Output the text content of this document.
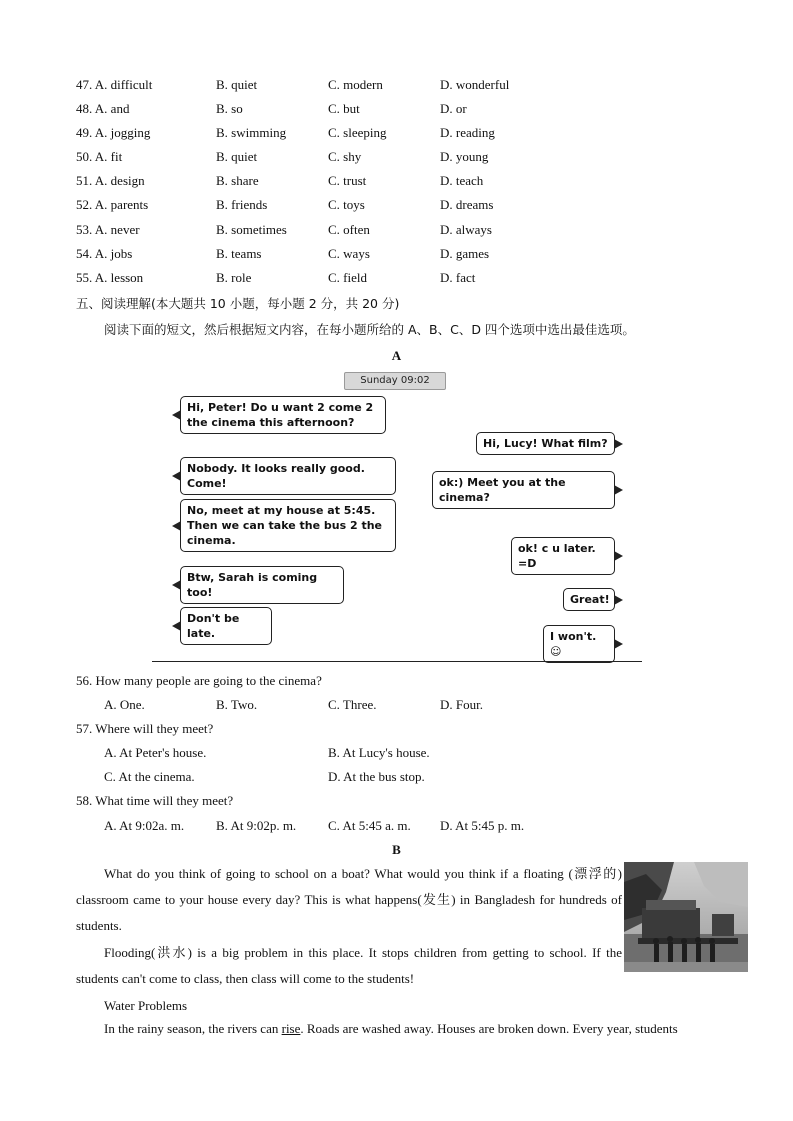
47. A. difficult	B. quiet	C. modern	D. wonderful
48. A. and	B. so	C. but	D. or
49. A. jogging	B. swimming	C. sleeping	D. reading
50. A. fit	B. quiet	C. shy	D. young
51. A. design	B. share	C. trust	D. teach
52. A. parents	B. friends	C. toys	D. dreams
53. A. never	B. sometimes	C. often	D. always
54. A. jobs	B. teams	C. ways	D. games
55. A. lesson	B. role	C. field	D. fact
五、阅读理解(本大题共 10 小题，每小题 2 分，共 20 分)
阅读下面的短文，然后根据短文内容，在每小题所给的 A、B、C、D 四个选项中选出最佳选项。
A
Sunday 09:02
Hi, Peter! Do u want 2 come 2 the cinema this afternoon?
Hi, Lucy! What film?
Nobody. It looks really good. Come!	ok:) Meet you at the cinema?
No, meet at my house at 5:45. Then we can take the bus 2 the cinema.
ok! c u later. =D
Btw, Sarah is coming too!
Great!
Don't be late.	I won't. ☺
56. How many people are going to the cinema?
A. One.	B. Two.	C. Three.	D. Four.
57. Where will they meet?
A. At Peter's house.	B. At Lucy's house.
C. At the cinema.	D. At the bus stop.
58. What time will they meet?
A. At 9:02a. m. B. At 9:02p. m. C. At 5:45 a. m. D. At 5:45 p. m.
B
What do you think of going to school on a boat? What would you think if a floating (漂浮的) classroom came to your house every day? This is what happens(发生) in Bangladesh for hundreds of students.
Flooding(洪水) is a big problem in this place. It stops children from getting to school. If the students can't come to class, then class will come to the students!
Water Problems
In the rainy season, the rivers can rise. Roads are washed away. Houses are broken down. Every year, students
